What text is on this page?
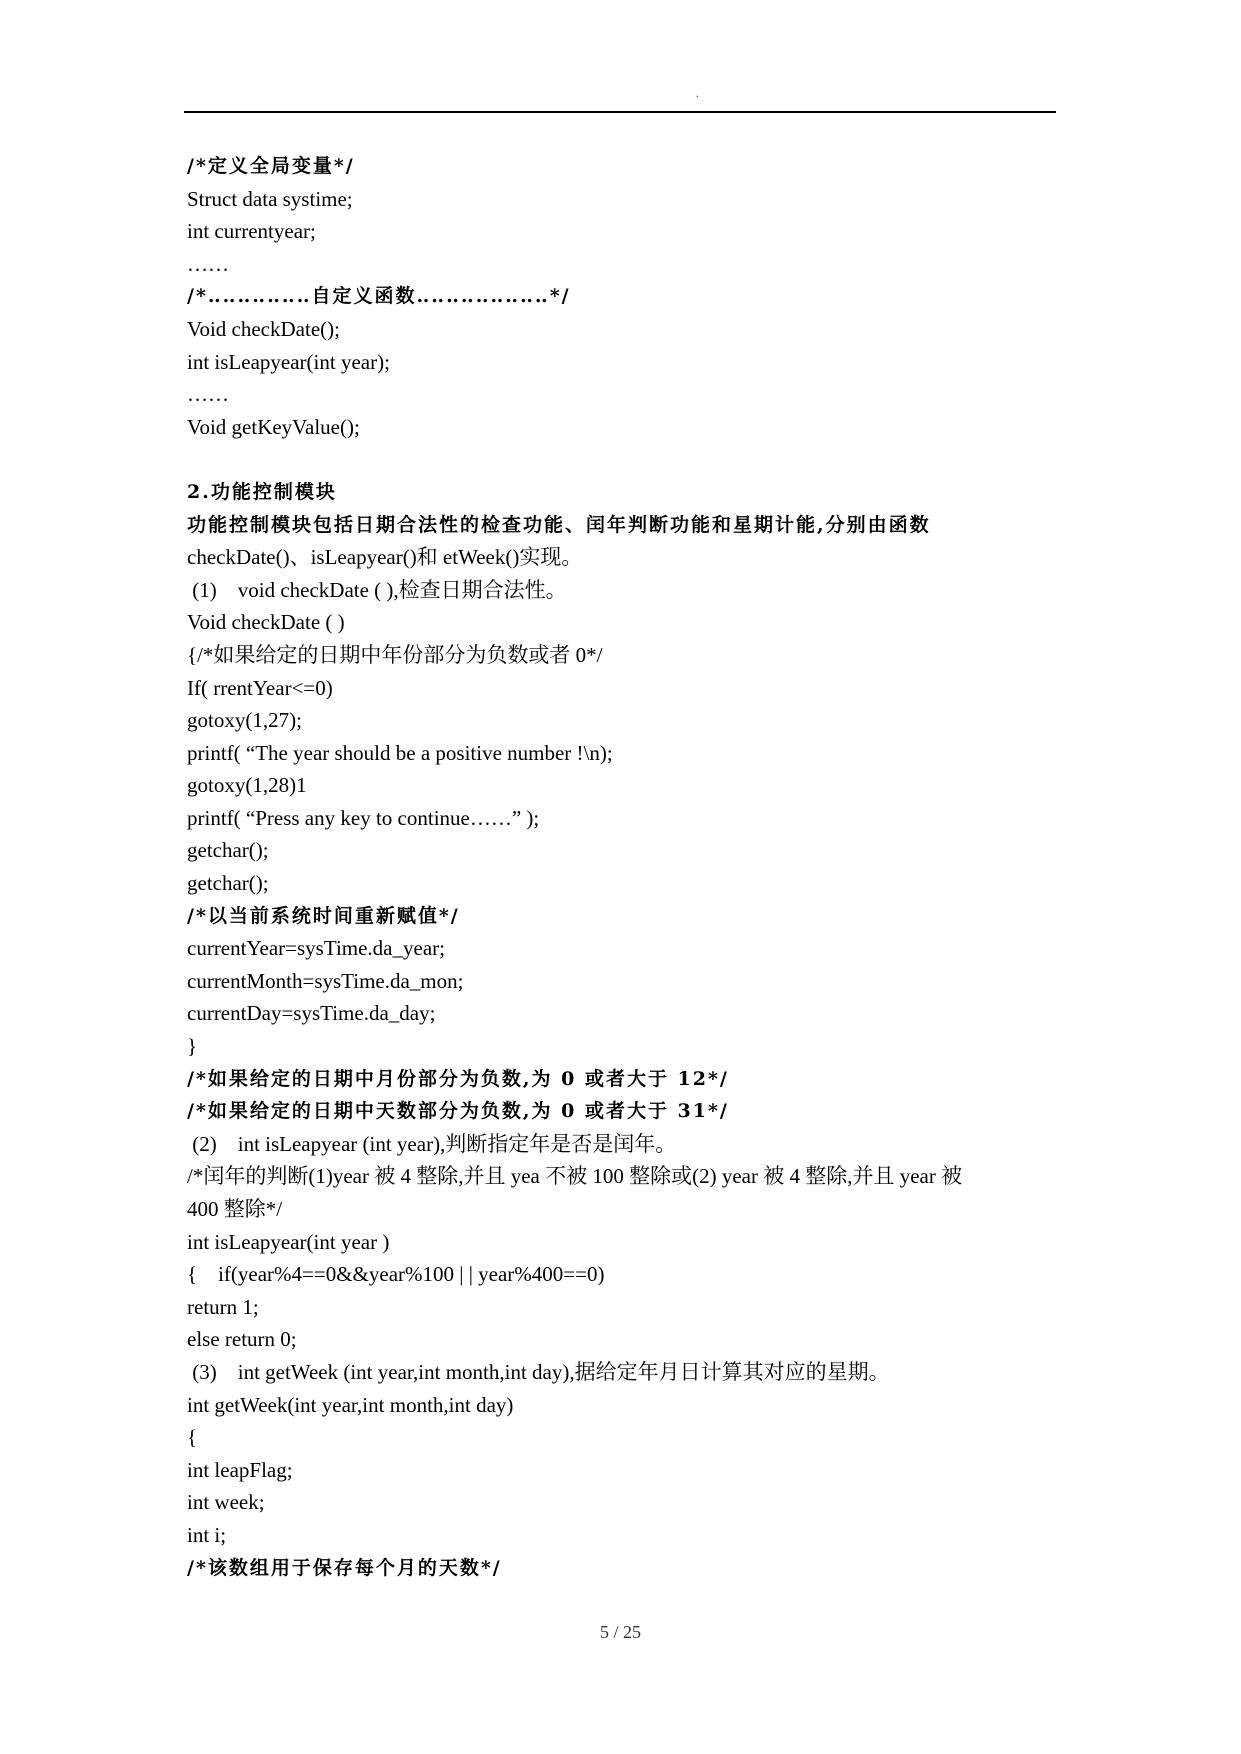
.
/*定义全局变量*/
Struct data systime;
int currentyear;
……
/*‥‥‥‥‥‥‥自定义函数‥‥‥‥‥‥‥‥‥*/
Void checkDate();
int isLeapyear(int year);
……
Void getKeyValue();
2.功能控制模块
功能控制模块包括日期合法性的检查功能、闰年判断功能和星期计能,分别由函数
checkDate()、isLeapyear()和 etWeek()实现。
(1)    void checkDate ( ),检查日期合法性。
Void checkDate ( )
{/*如果给定的日期中年份部分为负数或者 0*/
If( rrentYear<=0)
gotoxy(1,27);
printf( “The year should be a positive number !\n);
gotoxy(1,28)1
printf( “Press any key to continue……” );
getchar();
getchar();
/*以当前系统时间重新赋值*/
currentYear=sysTime.da_year;
currentMonth=sysTime.da_mon;
currentDay=sysTime.da_day;
}
/*如果给定的日期中月份部分为负数,为 0 或者大于 12*/
/*如果给定的日期中天数部分为负数,为 0 或者大于 31*/
(2)    int isLeapyear (int year),判断指定年是否是闰年。
/*闰年的判断(1)year 被 4 整除,并且 yea 不被 100 整除或(2) year 被 4 整除,并且 year 被
400 整除*/
int isLeapyear(int year )
{    if(year%4==0&&year%100 | | year%400==0)
return 1;
else return 0;
(3)    int getWeek (int year,int month,int day),据给定年月日计算其对应的星期。
int getWeek(int year,int month,int day)
{
int leapFlag;
int week;
int i;
/*该数组用于保存每个月的天数*/
5 / 25
